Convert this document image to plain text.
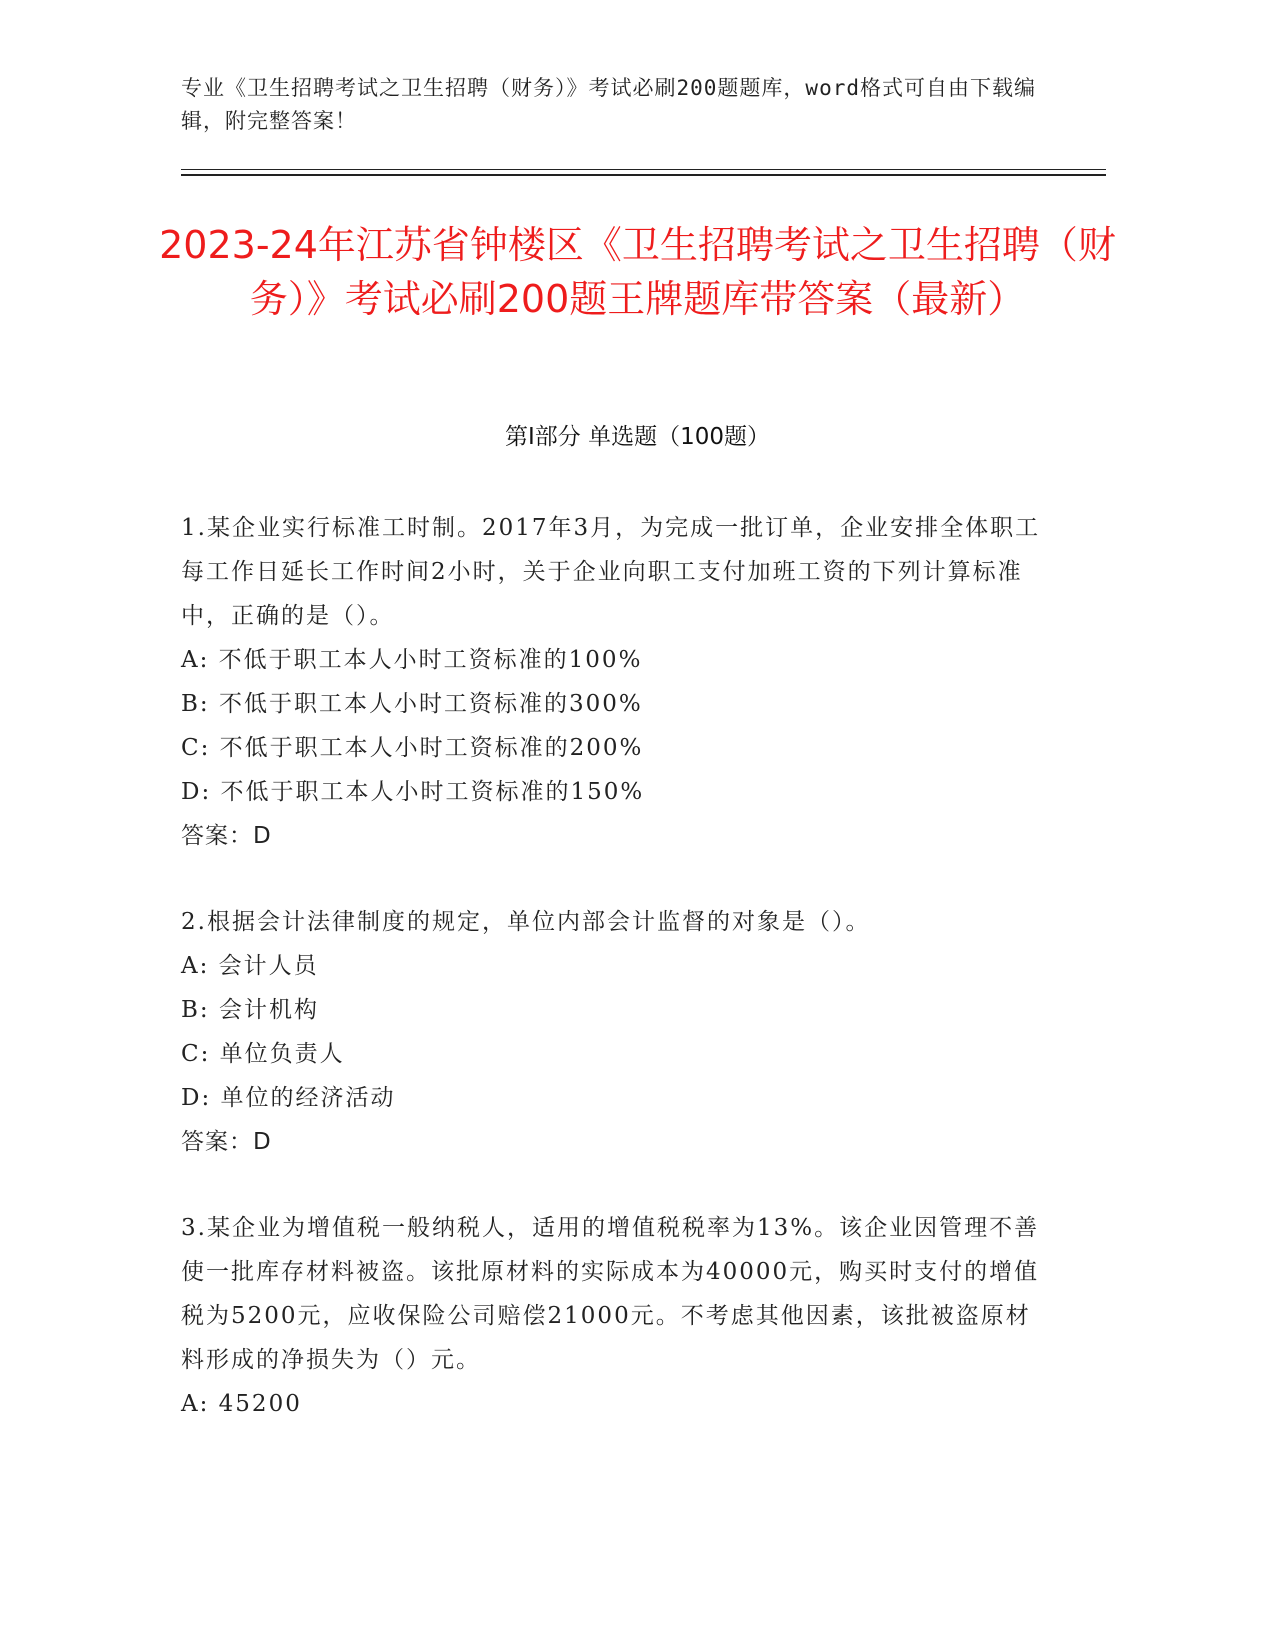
专业《卫生招聘考试之卫生招聘（财务）》考试必刷200题题库，word格式可自由下载编辑，附完整答案！
2023-24年江苏省钟楼区《卫生招聘考试之卫生招聘（财务）》考试必刷200题王牌题库带答案（最新）
第I部分 单选题（100题）
1.某企业实行标准工时制。2017年3月，为完成一批订单，企业安排全体职工每工作日延长工作时间2小时，关于企业向职工支付加班工资的下列计算标准中，正确的是（）。
A: 不低于职工本人小时工资标准的100%
B: 不低于职工本人小时工资标准的300%
C: 不低于职工本人小时工资标准的200%
D: 不低于职工本人小时工资标准的150%
答案：D
2.根据会计法律制度的规定，单位内部会计监督的对象是（）。
A: 会计人员
B: 会计机构
C: 单位负责人
D: 单位的经济活动
答案：D
3.某企业为增值税一般纳税人，适用的增值税税率为13%。该企业因管理不善使一批库存材料被盗。该批原材料的实际成本为40000元，购买时支付的增值税为5200元，应收保险公司赔偿21000元。不考虑其他因素，该批被盗原材料形成的净损失为（）元。
A: 45200
